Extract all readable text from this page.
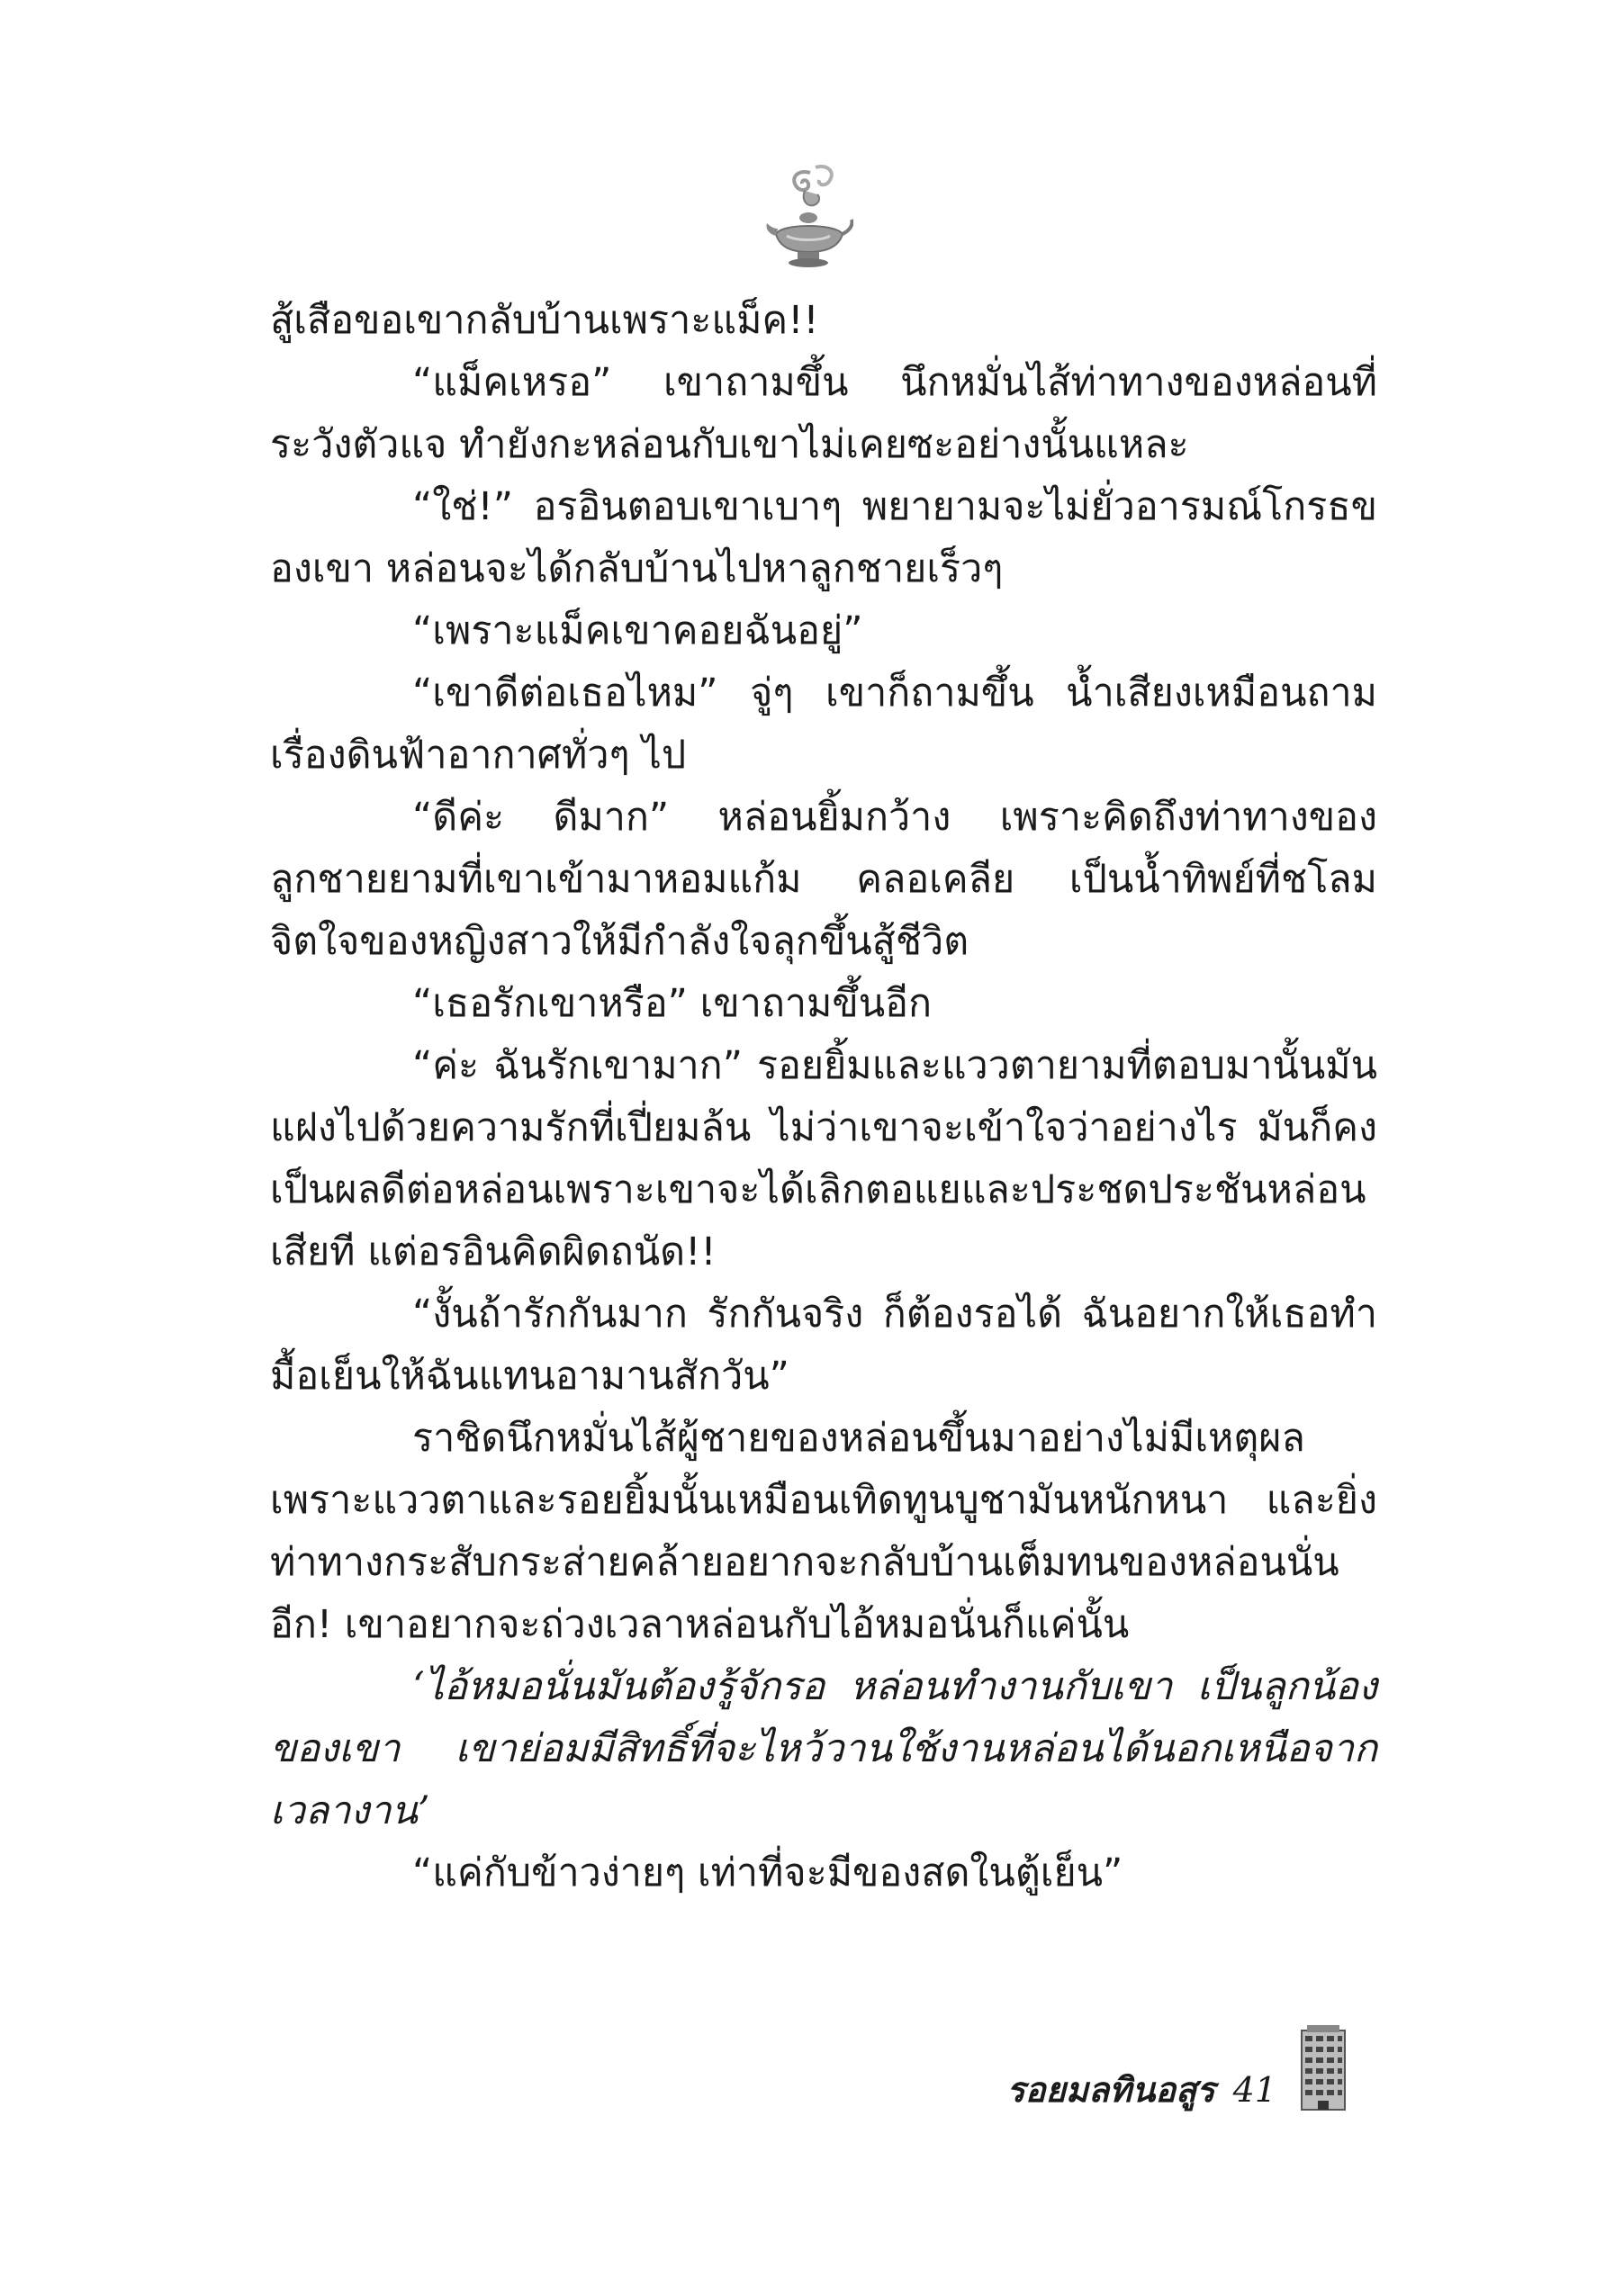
สู้เสือขอเขากลับบ้านเพราะแม็ค!!

“แม็คเหรอ” เขาถามขึ้น นึกหมั่นไส้ท่าทางของหล่อนที่ระวังตัวแจ ทำยังกะหล่อนกับเขาไม่เคยซะอย่างนั้นแหละ

“ใช่!” อรอินตอบเขาเบาๆ พยายามจะไม่ยั่วอารมณ์โกรธของเขา หล่อนจะได้กลับบ้านไปหาลูกชายเร็วๆ

“เพราะแม็คเขาคอยฉันอยู่”

“เขาดีต่อเธอไหม” จู่ๆ เขาก็ถามขึ้น น้ำเสียงเหมือนถามเรื่องดินฟ้าอากาศทั่วๆ ไป

“ดีค่ะ ดีมาก” หล่อนยิ้มกว้าง เพราะคิดถึงท่าทางของลูกชายยามที่เขาเข้ามาหอมแก้ม คลอเคลีย เป็นน้ำทิพย์ที่ชโลมจิตใจของหญิงสาวให้มีกำลังใจลุกขึ้นสู้ชีวิต

“เธอรักเขาหรือ” เขาถามขึ้นอีก

“ค่ะ ฉันรักเขามาก” รอยยิ้มและแววตายามที่ตอบมานั้นมันแฝงไปด้วยความรักที่เปี่ยมล้น ไม่ว่าเขาจะเข้าใจว่าอย่างไร มันก็คงเป็นผลดีต่อหล่อนเพราะเขาจะได้เลิกตอแยและประชดประชันหล่อนเสียที แต่อรอินคิดผิดถนัด!!

“งั้นถ้ารักกันมาก รักกันจริง ก็ต้องรอได้ ฉันอยากให้เธอทำมื้อเย็นให้ฉันแทนอามานสักวัน”

ราชิดนึกหมั่นไส้ผู้ชายของหล่อนขึ้นมาอย่างไม่มีเหตุผลเพราะแววตาและรอยยิ้มนั้นเหมือนเทิดทูนบูชามันหนักหนา และยิ่งท่าทางกระสับกระส่ายคล้ายอยากจะกลับบ้านเต็มทนของหล่อนนั่นอีก! เขาอยากจะถ่วงเวลาหล่อนกับไอ้หมอนั่นก็แค่นั้น

‘ไอ้หมอนั่นมันต้องรู้จักรอ หล่อนทำงานกับเขา เป็นลูกน้องของเขา เขาย่อมมีสิทธิ์ที่จะไหว้วานใช้งานหล่อนได้นอกเหนือจากเวลางาน’

“แค่กับข้าวง่ายๆ เท่าที่จะมีของสดในตู้เย็น”

รอยมลทินอสูร 41
